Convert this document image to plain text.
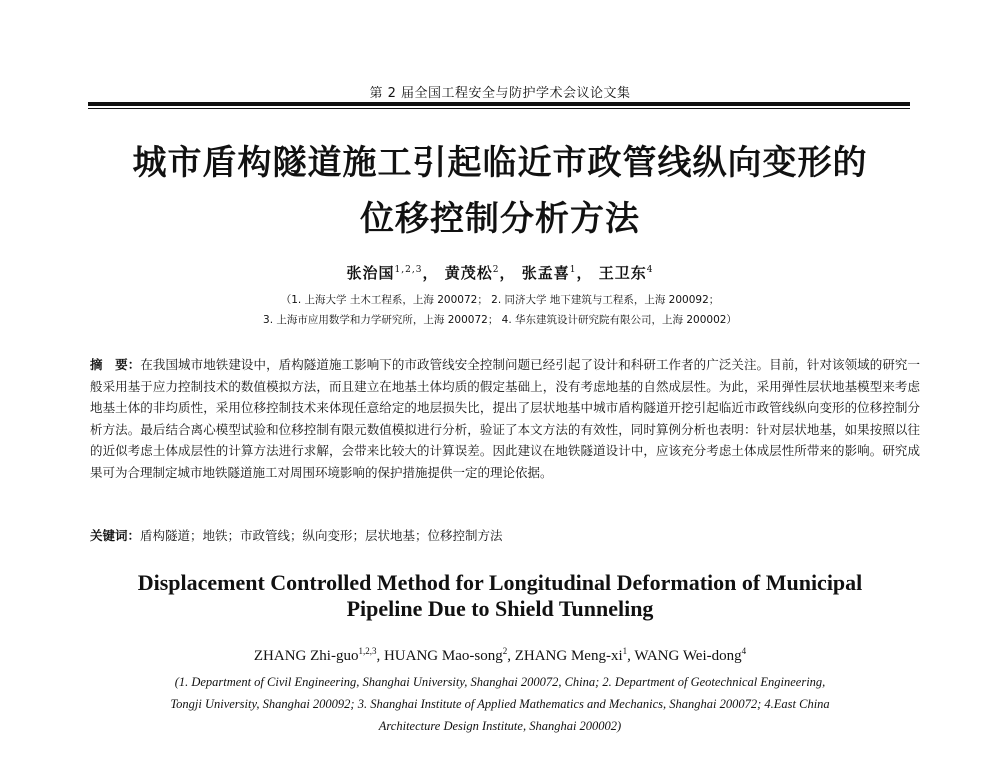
第 2 届全国工程安全与防护学术会议论文集
城市盾构隧道施工引起临近市政管线纵向变形的
位移控制分析方法
张治国$^{1,2,3}$， 黄茂松$^2$， 张孟喜$^1$， 王卫东$^4$
（1. 上海大学 土木工程系，上海 200072； 2. 同济大学 地下建筑与工程系，上海 200092；
3. 上海市应用数学和力学研究所，上海 200072； 4. 华东建筑设计研究院有限公司，上海 200002）
摘　要：在我国城市地铁建设中，盾构隧道施工影响下的市政管线安全控制问题已经引起了设计和科研工作者的广泛关注。目前，针对该领域的研究一般采用基于应力控制技术的数值模拟方法，而且建立在地基土体均质的假定基础上，没有考虑地基的自然成层性。为此，采用弹性层状地基模型来考虑地基土体的非均质性，采用位移控制技术来体现任意给定的地层损失比，提出了层状地基中城市盾构隧道开挖引起临近市政管线纵向变形的位移控制分析方法。最后结合离心模型试验和位移控制有限元数值模拟进行分析，验证了本文方法的有效性，同时算例分析也表明：针对层状地基，如果按照以往的近似考虑土体成层性的计算方法进行求解，会带来比较大的计算误差。因此建议在地铁隧道设计中，应该充分考虑土体成层性所带来的影响。研究成果可为合理制定城市地铁隧道施工对周围环境影响的保护措施提供一定的理论依据。
关键词：盾构隧道；地铁；市政管线；纵向变形；层状地基；位移控制方法
Displacement Controlled Method for Longitudinal Deformation of Municipal
Pipeline Due to Shield Tunneling
ZHANG Zhi-guo$^{1,2,3}$, HUANG Mao-song$^2$, ZHANG Meng-$xi^1$, WANG Wei-dong$^4$
(1. Department of Civil Engineering, Shanghai University, Shanghai 200072, China; 2. Department of Geotechnical Engineering,
Tongji University, Shanghai 200092; 3. Shanghai Institute of Applied Mathematics and Mechanics, Shanghai 200072; 4.East China
Architecture Design Institute, Shanghai 200002)
